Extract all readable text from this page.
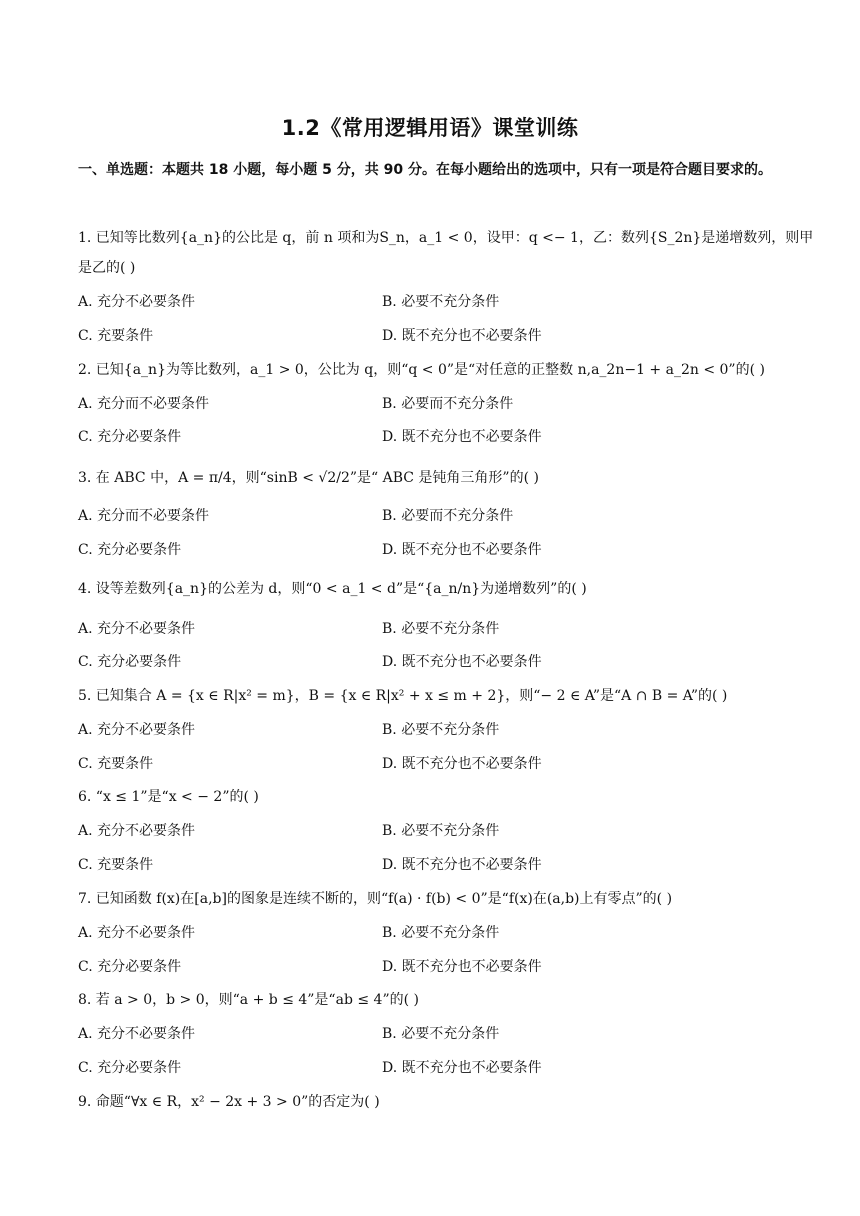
1.2《常用逻辑用语》课堂训练
一、单选题：本题共 18 小题，每小题 5 分，共 90 分。在每小题给出的选项中，只有一项是符合题目要求的。
1. 已知等比数列{a_n}的公比是 q，前 n 项和为S_n，a_1 < 0，设甲：q <− 1，乙：数列{S_2n}是递增数列，则甲
是乙的( )
A. 充分不必要条件	B. 必要不充分条件
C. 充要条件	D. 既不充分也不必要条件
2. 已知{a_n}为等比数列，a_1 > 0，公比为 q，则“q < 0”是“对任意的正整数 n,a_2n−1 + a_2n < 0”的( )
A. 充分而不必要条件	B. 必要而不充分条件
C. 充分必要条件	D. 既不充分也不必要条件
3. 在 ABC 中，A = π/4，则“sinB < √2/2”是“ ABC 是钝角三角形”的( )
A. 充分而不必要条件	B. 必要而不充分条件
C. 充分必要条件	D. 既不充分也不必要条件
4. 设等差数列{a_n}的公差为 d，则“0 < a_1 < d”是“{a_n/n}为递增数列”的( )
A. 充分不必要条件	B. 必要不充分条件
C. 充分必要条件	D. 既不充分也不必要条件
5. 已知集合 A = {x ∈ R|x² = m}，B = {x ∈ R|x² + x ≤ m + 2}，则“− 2 ∈ A”是“A ∩ B = A”的( )
A. 充分不必要条件	B. 必要不充分条件
C. 充要条件	D. 既不充分也不必要条件
6. “x ≤ 1”是“x < − 2”的( )
A. 充分不必要条件	B. 必要不充分条件
C. 充要条件	D. 既不充分也不必要条件
7. 已知函数 f(x)在[a,b]的图象是连续不断的，则“f(a) · f(b) < 0”是“f(x)在(a,b)上有零点”的( )
A. 充分不必要条件	B. 必要不充分条件
C. 充分必要条件	D. 既不充分也不必要条件
8. 若 a > 0，b > 0，则“a + b ≤ 4”是“ab ≤ 4”的( )
A. 充分不必要条件	B. 必要不充分条件
C. 充分必要条件	D. 既不充分也不必要条件
9. 命题“∀x ∈ R，x² − 2x + 3 > 0”的否定为( )
